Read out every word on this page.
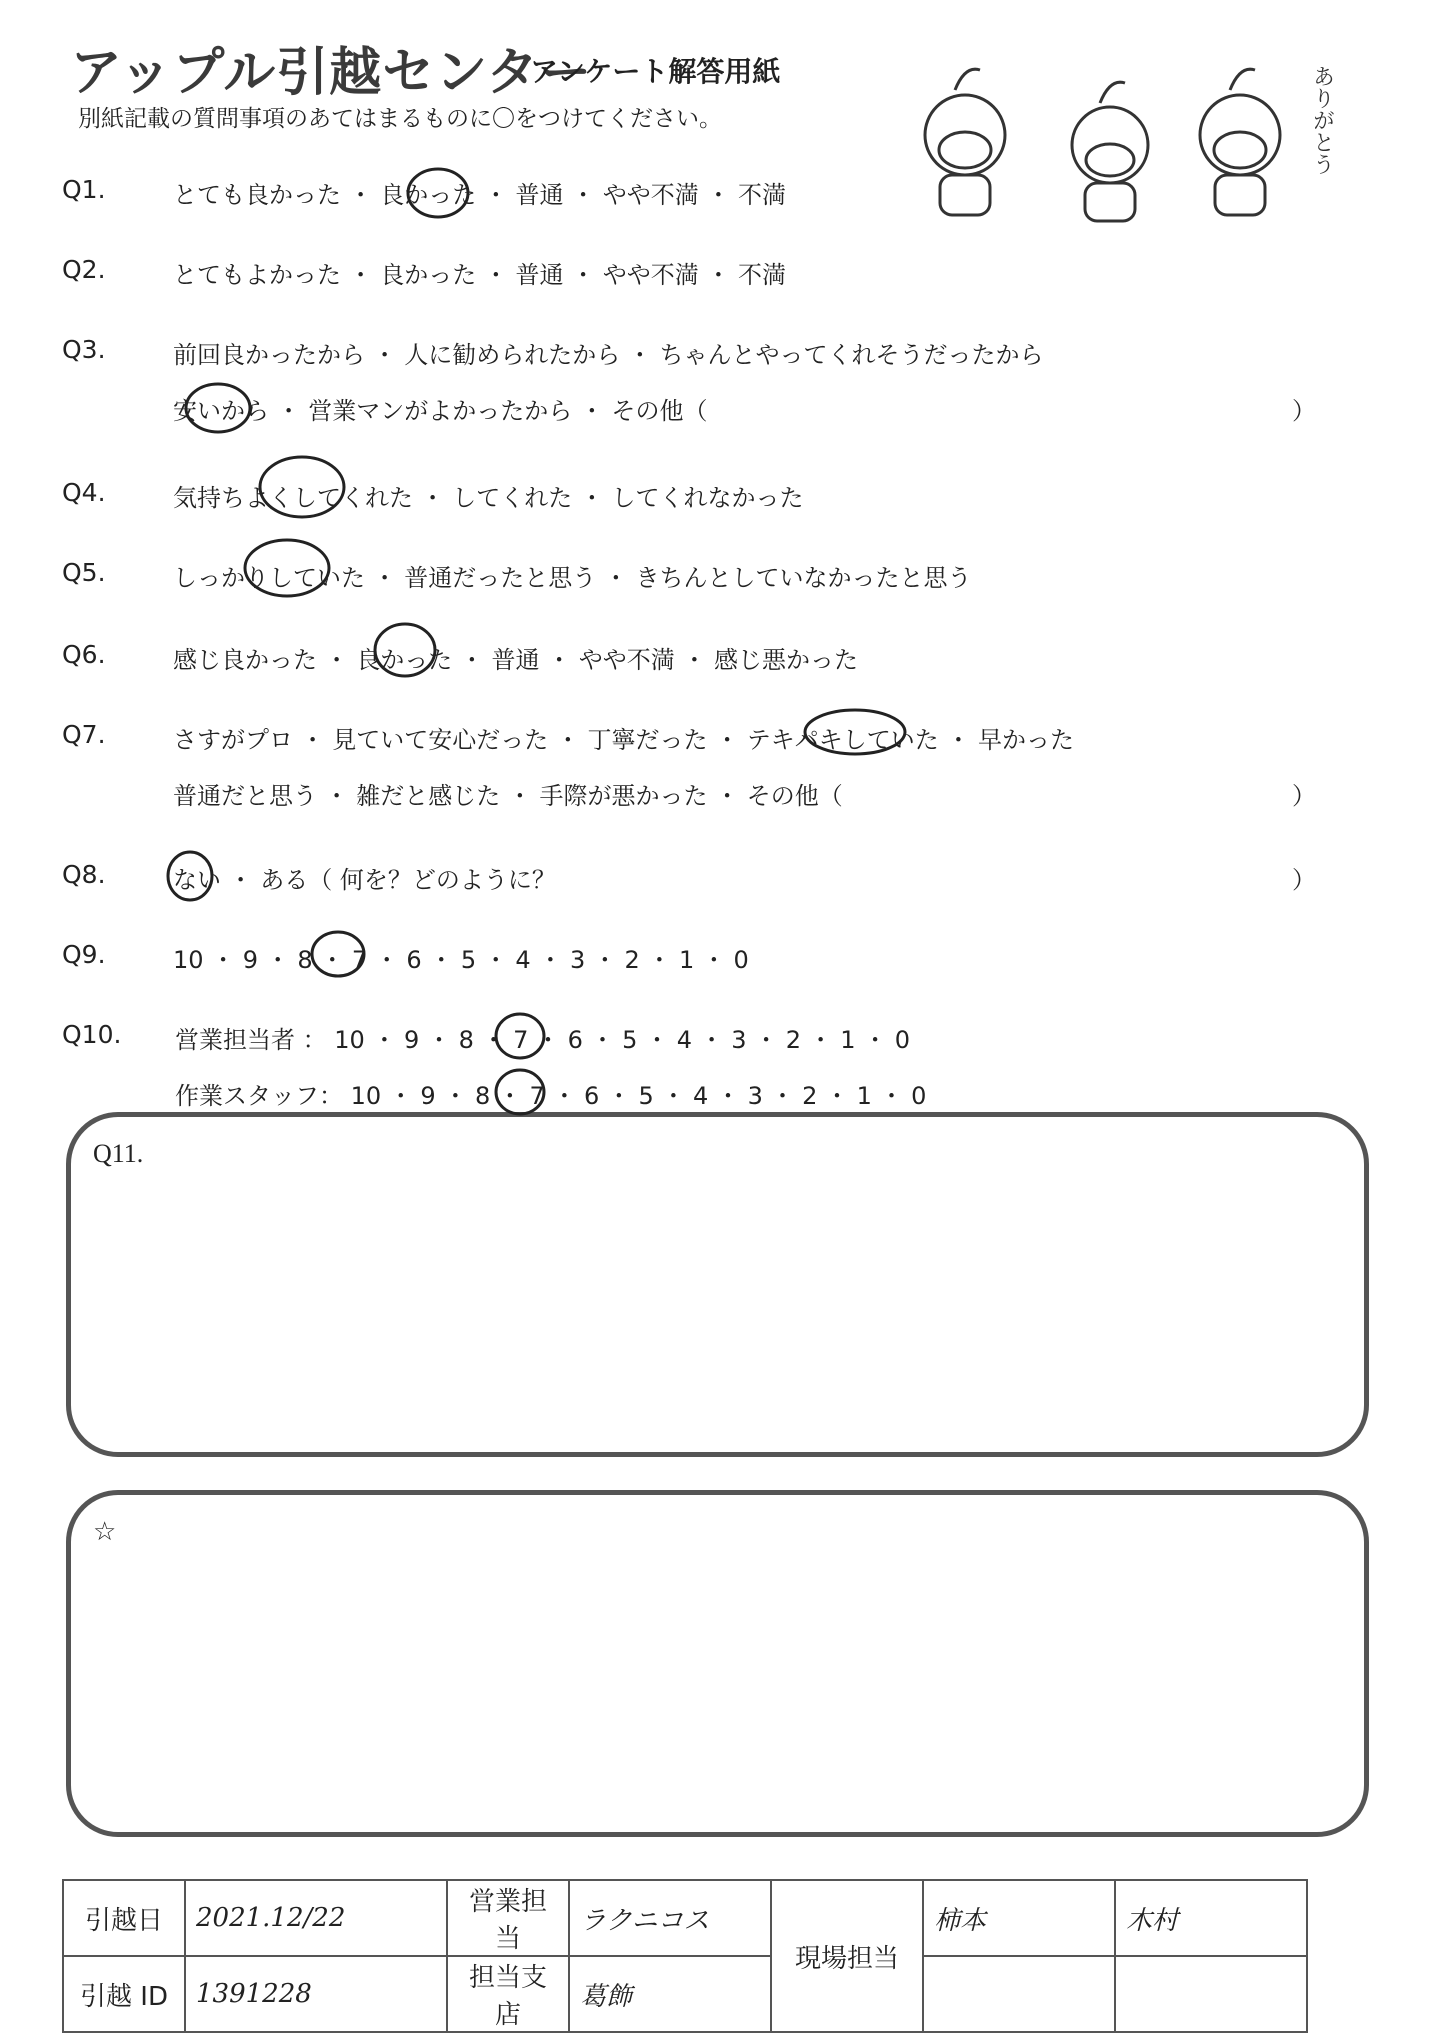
アップル引越センター
アンケート解答用紙
別紙記載の質問事項のあてはまるものに〇をつけてください。	ありがとう
Q1.	とても良かった ・ 良かった ・ 普通 ・ やや不満 ・ 不満
Q2.	とてもよかった ・ 良かった ・ 普通 ・ やや不満 ・ 不満
Q3.	前回良かったから ・ 人に勧められたから ・ ちゃんとやってくれそうだったから
安いから ・ 営業マンがよかったから ・ その他（
Q4.	気持ちよくしてくれた ・ してくれた ・ してくれなかった
Q5.	しっかりしていた ・ 普通だったと思う ・ きちんとしていなかったと思う
Q6.	感じ良かった ・ 良かった ・ 普通 ・ やや不満 ・ 感じ悪かった
Q7.	さすがプロ ・ 見ていて安心だった ・ 丁寧だった ・ テキパキしていた ・ 早かった
普通だと思う ・ 雑だと感じた ・ 手際が悪かった ・ その他（
Q8.	ない ・ ある（ 何を？どのように？
Q9.	10 ・ 9 ・ 8 ・ 7 ・ 6 ・ 5 ・ 4 ・ 3 ・ 2 ・ 1 ・ 0
Q10. 営業担当者 ： 10 ・ 9 ・ 8 ・ 7 ・ 6 ・ 5 ・ 4 ・ 3 ・ 2 ・ 1 ・ 0
作業スタッフ： 10 ・ 9 ・ 8 ・ 7 ・ 6 ・ 5 ・ 4 ・ 3 ・ 2 ・ 1 ・ 0
）
）
）
Q11.
☆
引越日	2021.12/22	営業担当	ラクニコス	現場担当	柿本	木村
引越 ID	1391228	担当支店	葛飾			
